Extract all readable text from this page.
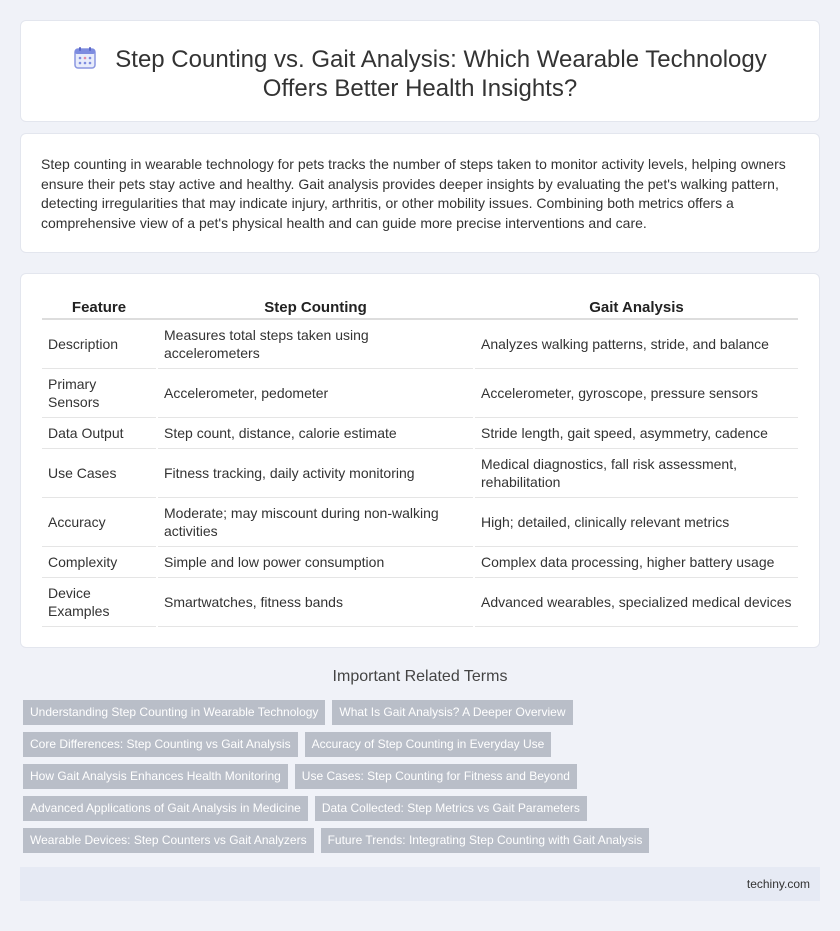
Step Counting vs. Gait Analysis: Which Wearable Technology
Offers Better Health Insights?

Step counting in wearable technology for pets tracks the number of steps taken to monitor activity levels, helping owners ensure their pets stay active and healthy. Gait analysis provides deeper insights by evaluating the pet's walking pattern, detecting irregularities that may indicate injury, arthritis, or other mobility issues. Combining both metrics offers a comprehensive view of a pet's physical health and can guide more precise interventions and care.

Feature	Step Counting	Gait Analysis
Description	Measures total steps taken using accelerometers	Analyzes walking patterns, stride, and balance
Primary Sensors	Accelerometer, pedometer	Accelerometer, gyroscope, pressure sensors
Data Output	Step count, distance, calorie estimate	Stride length, gait speed, asymmetry, cadence
Use Cases	Fitness tracking, daily activity monitoring	Medical diagnostics, fall risk assessment, rehabilitation
Accuracy	Moderate; may miscount during non-walking activities	High; detailed, clinically relevant metrics
Complexity	Simple and low power consumption	Complex data processing, higher battery usage
Device Examples	Smartwatches, fitness bands	Advanced wearables, specialized medical devices
Important Related Terms
Understanding Step Counting in Wearable Technology What Is Gait Analysis? A Deeper Overview
Core Differences: Step Counting vs Gait Analysis Accuracy of Step Counting in Everyday Use
How Gait Analysis Enhances Health Monitoring Use Cases: Step Counting for Fitness and Beyond
Advanced Applications of Gait Analysis in Medicine Data Collected: Step Metrics vs Gait Parameters
Wearable Devices: Step Counters vs Gait Analyzers Future Trends: Integrating Step Counting with Gait Analysis
techiny.com
